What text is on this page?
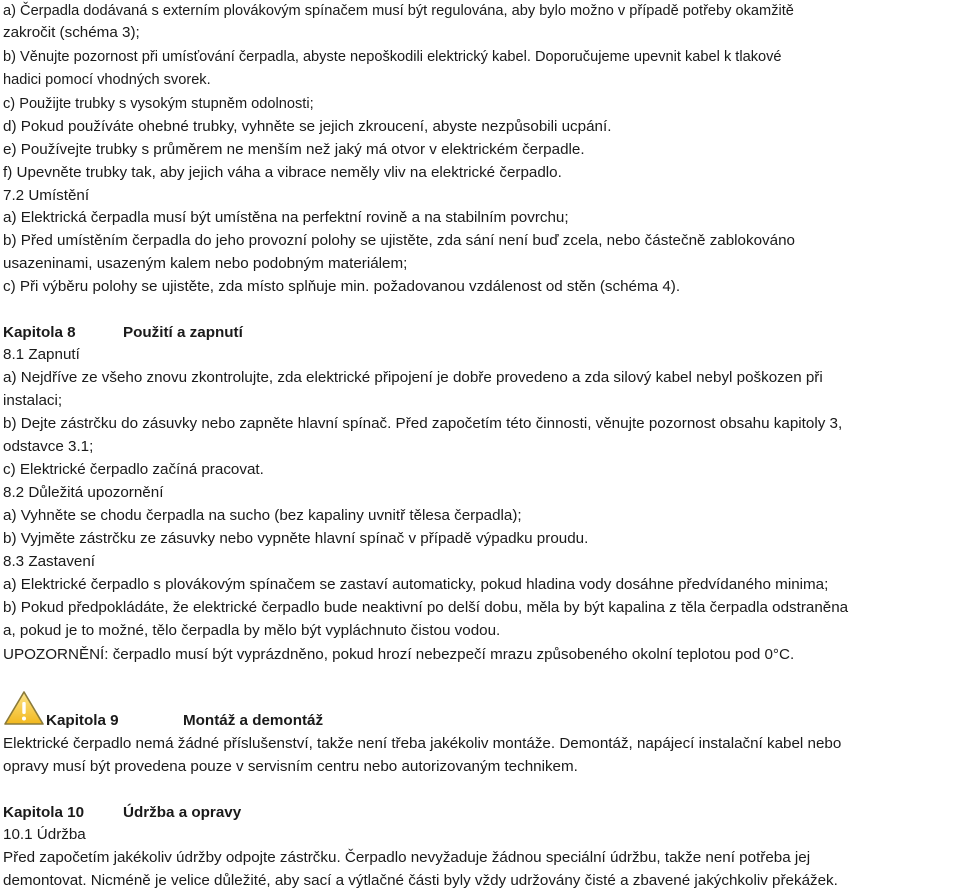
a) Čerpadla dodávaná s externím plovákovým spínačem musí být regulována, aby bylo možno v případě potřeby okamžitě
zakročit (schéma 3);
b) Věnujte pozornost při umísťování čerpadla, abyste nepoškodili elektrický kabel. Doporučujeme upevnit kabel k tlakové
hadici pomocí vhodných svorek.
c) Použijte trubky s vysokým stupněm odolnosti;
d) Pokud používáte ohebné trubky, vyhněte se jejich zkroucení, abyste nezpůsobili ucpání.
e) Používejte trubky s průměrem ne menším než jaký má otvor v elektrickém čerpadle.
f) Upevněte trubky tak, aby jejich váha a vibrace neměly vliv na elektrické čerpadlo.
7.2 Umístění
a) Elektrická čerpadla musí být umístěna na perfektní rovině a na stabilním povrchu;
b) Před umístěním čerpadla do jeho provozní polohy se ujistěte, zda sání není buď zcela, nebo částečně zablokováno
usazeninami, usazeným kalem nebo podobným materiálem;
c) Při výběru polohy se ujistěte, zda místo splňuje min. požadovanou vzdálenost od stěn (schéma 4).
Kapitola 8	Použití a zapnutí
8.1 Zapnutí
a) Nejdříve ze všeho znovu zkontrolujte, zda elektrické připojení je dobře provedeno a zda silový kabel nebyl poškozen při
instalaci;
b) Dejte zástrčku do zásuvky nebo zapněte hlavní spínač. Před započetím této činnosti, věnujte pozornost obsahu kapitoly 3,
odstavce 3.1;
c) Elektrické čerpadlo začíná pracovat.
8.2 Důležitá upozornění
a) Vyhněte se chodu čerpadla na sucho (bez kapaliny uvnitř tělesa čerpadla);
b) Vyjměte zástrčku ze zásuvky nebo vypněte hlavní spínač v případě výpadku proudu.
8.3 Zastavení
a) Elektrické čerpadlo s plovákovým spínačem se zastaví automaticky, pokud hladina vody dosáhne předvídaného minima;
b) Pokud předpokládáte, že elektrické čerpadlo bude neaktivní po delší dobu, měla by být kapalina z těla čerpadla odstraněna
a, pokud je to možné, tělo čerpadla by mělo být vypláchnuto čistou vodou.
UPOZORNĚNÍ: čerpadlo musí být vyprázdněno, pokud hrozí nebezpečí mrazu způsobeného okolní teplotou pod 0°C.
Kapitola 9	Montáž a demontáž
Elektrické čerpadlo nemá žádné příslušenství, takže není třeba jakékoliv montáže. Demontáž, napájecí instalační kabel nebo
opravy musí být provedena pouze v servisním centru nebo autorizovaným technikem.
Kapitola 10	Údržba a opravy
10.1 Údržba
Před započetím jakékoliv údržby odpojte zástrčku. Čerpadlo nevyžaduje žádnou speciální údržbu, takže není potřeba jej
demontovat. Nicméně je velice důležité, aby sací a výtlačné části byly vždy udržovány čisté a zbavené jakýchkoliv překážek.
